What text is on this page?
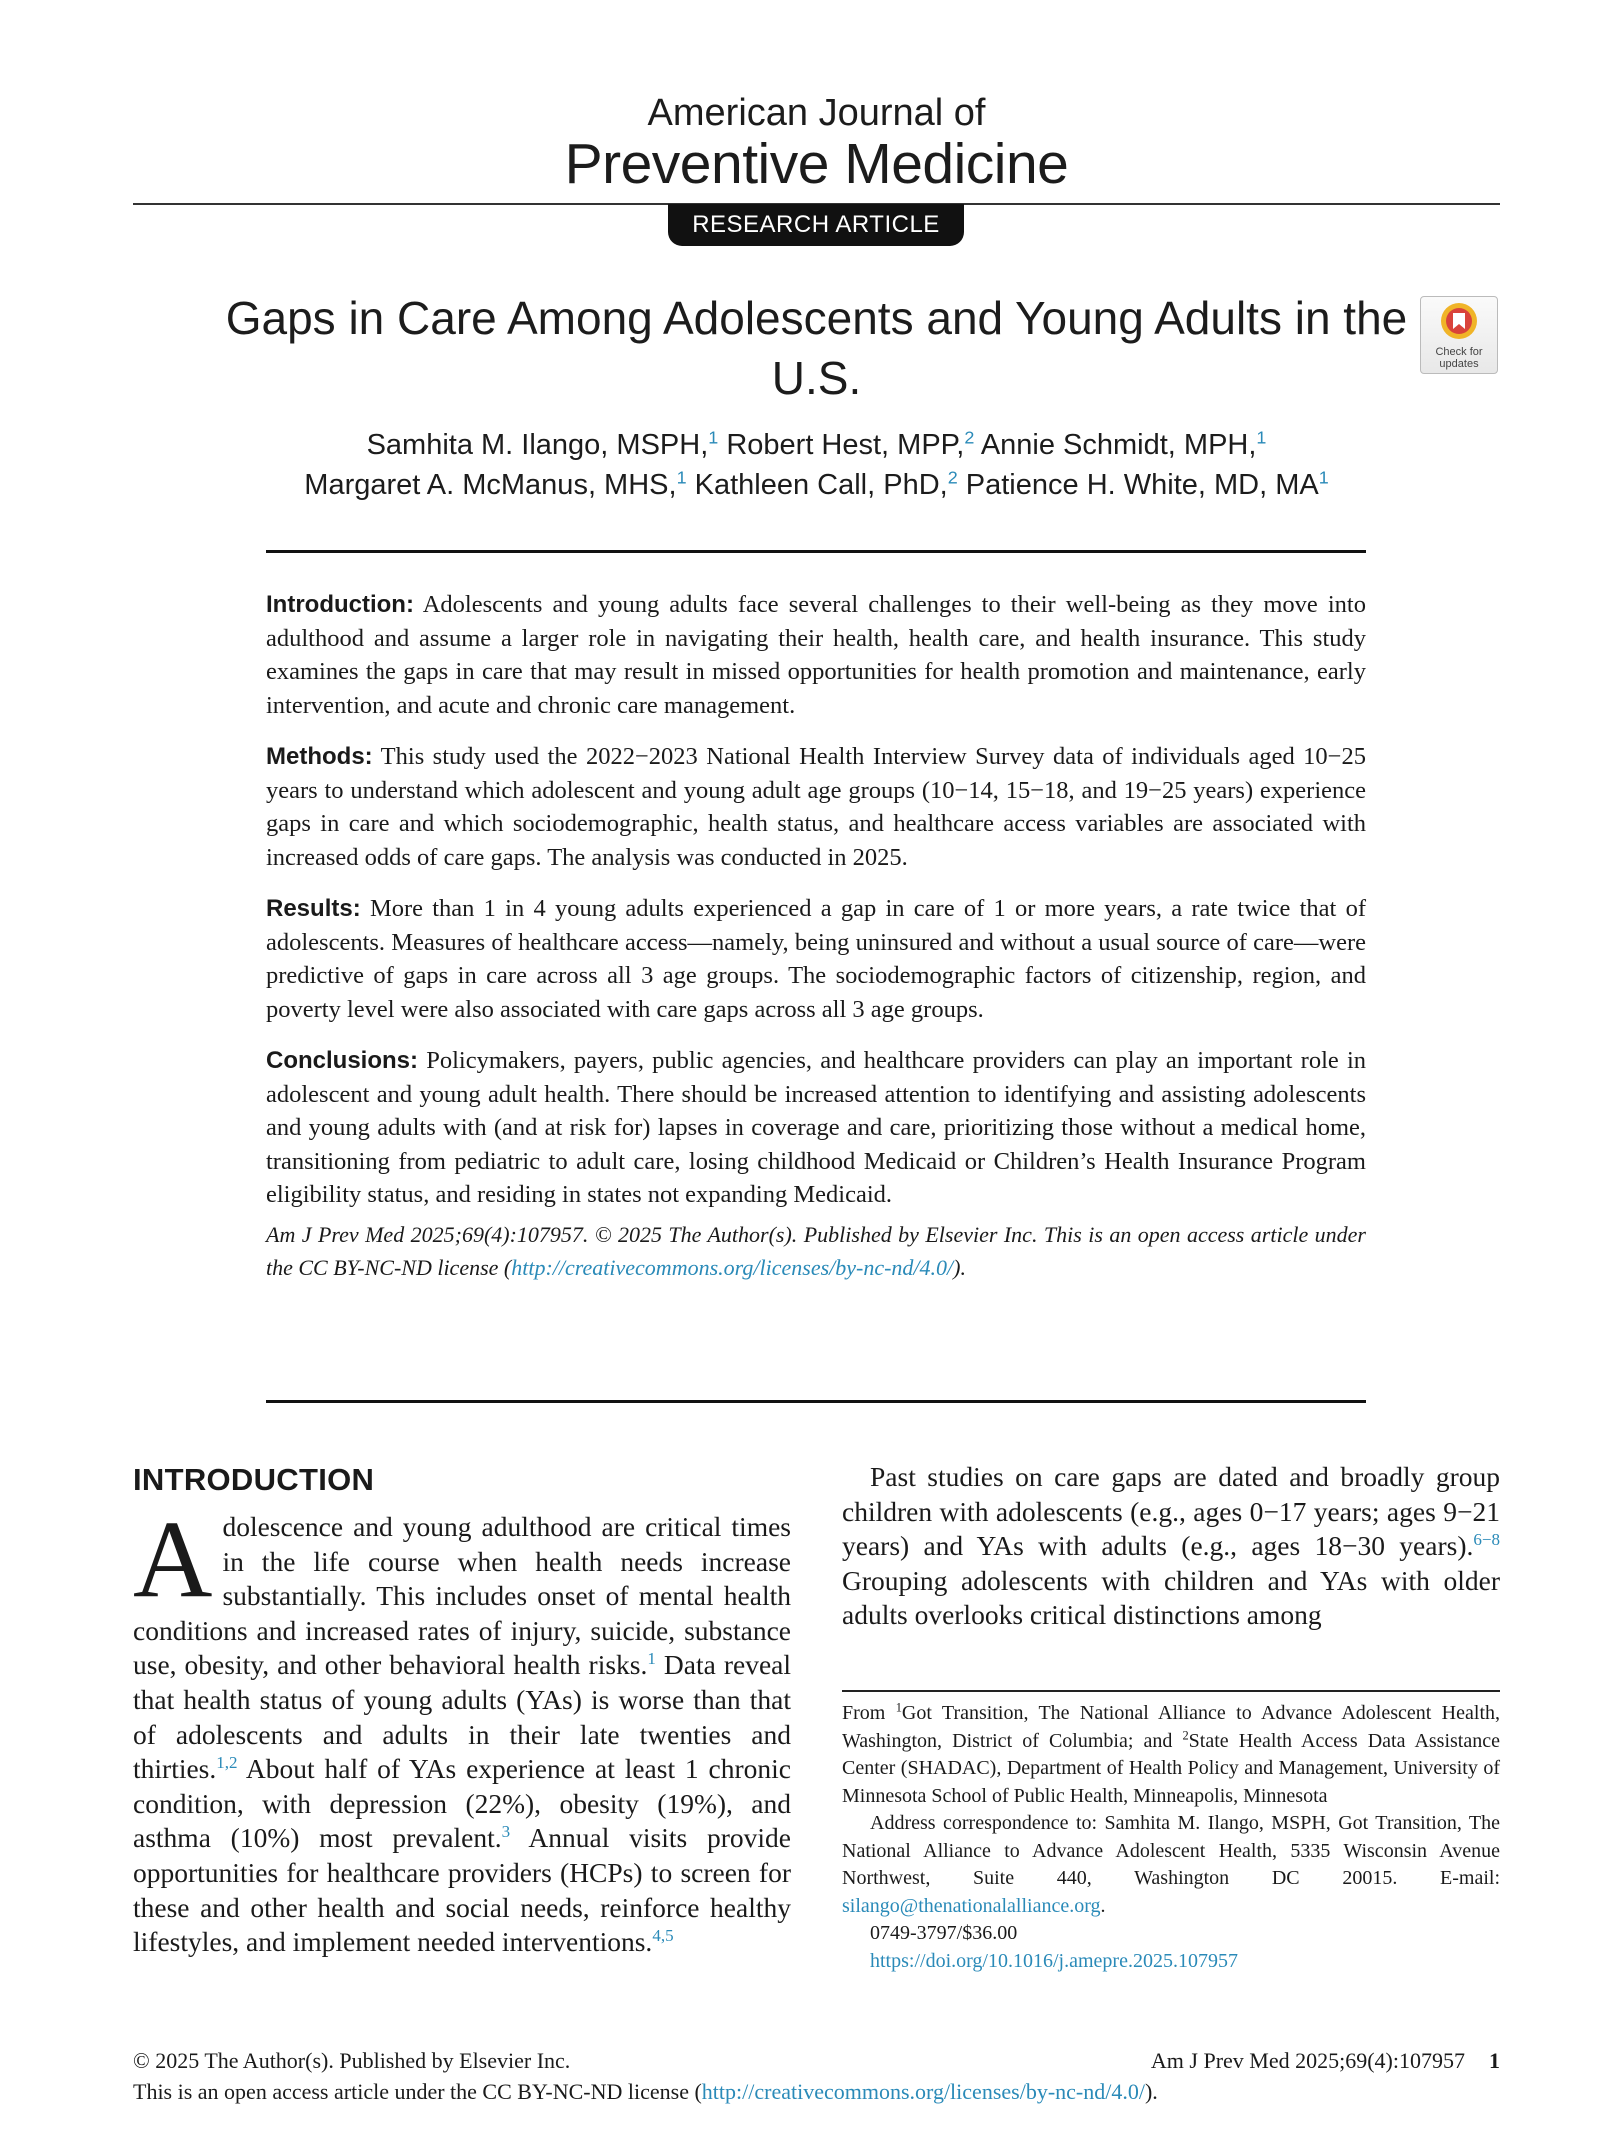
American Journal of
Preventive Medicine
RESEARCH ARTICLE
Gaps in Care Among Adolescents and Young Adults in the U.S.	Check for
updates
Samhita M. Ilango, MSPH,$^1$ Robert Hest, MPP,$^2$ Annie Schmidt, MPH,$^1$
Margaret A. McManus, MHS,$^1$ Kathleen Call, PhD,$^2$ Patience H. White, MD, MA$^1$

Introduction: Adolescents and young adults face several challenges to their well-being as they move into adulthood and assume a larger role in navigating their health, health care, and health insurance. This study examines the gaps in care that may result in missed opportunities for health promotion and maintenance, early intervention, and acute and chronic care management.

Methods: This study used the 2022−2023 National Health Interview Survey data of individuals aged 10−25 years to understand which adolescent and young adult age groups (10−14, 15−18, and 19−25 years) experience gaps in care and which sociodemographic, health status, and healthcare access variables are associated with increased odds of care gaps. The analysis was conducted in 2025.

Results: More than 1 in 4 young adults experienced a gap in care of 1 or more years, a rate twice that of adolescents. Measures of healthcare access—namely, being uninsured and without a usual source of care—were predictive of gaps in care across all 3 age groups. The sociodemographic factors of citizenship, region, and poverty level were also associated with care gaps across all 3 age groups.

Conclusions: Policymakers, payers, public agencies, and healthcare providers can play an important role in adolescent and young adult health. There should be increased attention to identifying and assisting adolescents and young adults with (and at risk for) lapses in coverage and care, prioritizing those without a medical home, transitioning from pediatric to adult care, losing childhood Medicaid or Children’s Health Insurance Program eligibility status, and residing in states not expanding Medicaid.

Am J Prev Med 2025;69(4):107957. © 2025 The Author(s). Published by Elsevier Inc. This is an open access article under the CC BY-NC-ND license (http://creativecommons.org/licenses/by-nc-nd/4.0/).

INTRODUCTION

Adolescence and young adulthood are critical times in the life course when health needs increase substantially. This includes onset of mental health conditions and increased rates of injury, suicide, substance use, obesity, and other behavioral health risks.$^1$ Data reveal that health status of young adults (YAs) is worse than that of adolescents and adults in their late twenties and thirties.$^{1,2}$ About half of YAs experience at least 1 chronic condition, with depression (22%), obesity (19%), and asthma (10%) most prevalent.$^3$ Annual visits provide opportunities for healthcare providers (HCPs) to screen for these and other health and social needs, reinforce healthy lifestyles, and implement needed interventions.$^{4,5}$

Past studies on care gaps are dated and broadly group children with adolescents (e.g., ages 0−17 years; ages 9−21 years) and YAs with adults (e.g., ages 18−30 years).$^{6-8}$ Grouping adolescents with children and YAs with older adults overlooks critical distinctions among

From $^1$Got Transition, The National Alliance to Advance Adolescent Health, Washington, District of Columbia; and $^2$State Health Access Data Assistance Center (SHADAC), Department of Health Policy and Management, University of Minnesota School of Public Health, Minneapolis, Minnesota

Address correspondence to: Samhita M. Ilango, MSPH, Got Transition, The National Alliance to Advance Adolescent Health, 5335 Wisconsin Avenue Northwest, Suite 440, Washington DC 20015. E-mail: silango@thenationalalliance.org.

0749-3797/$36.00

https://doi.org/10.1016/j.amepre.2025.107957

© 2025 The Author(s). Published by Elsevier Inc.	Am J Prev Med 2025;69(4):107957 1
This is an open access article under the CC BY-NC-ND license (http://creativecommons.org/licenses/by-nc-nd/4.0/).
